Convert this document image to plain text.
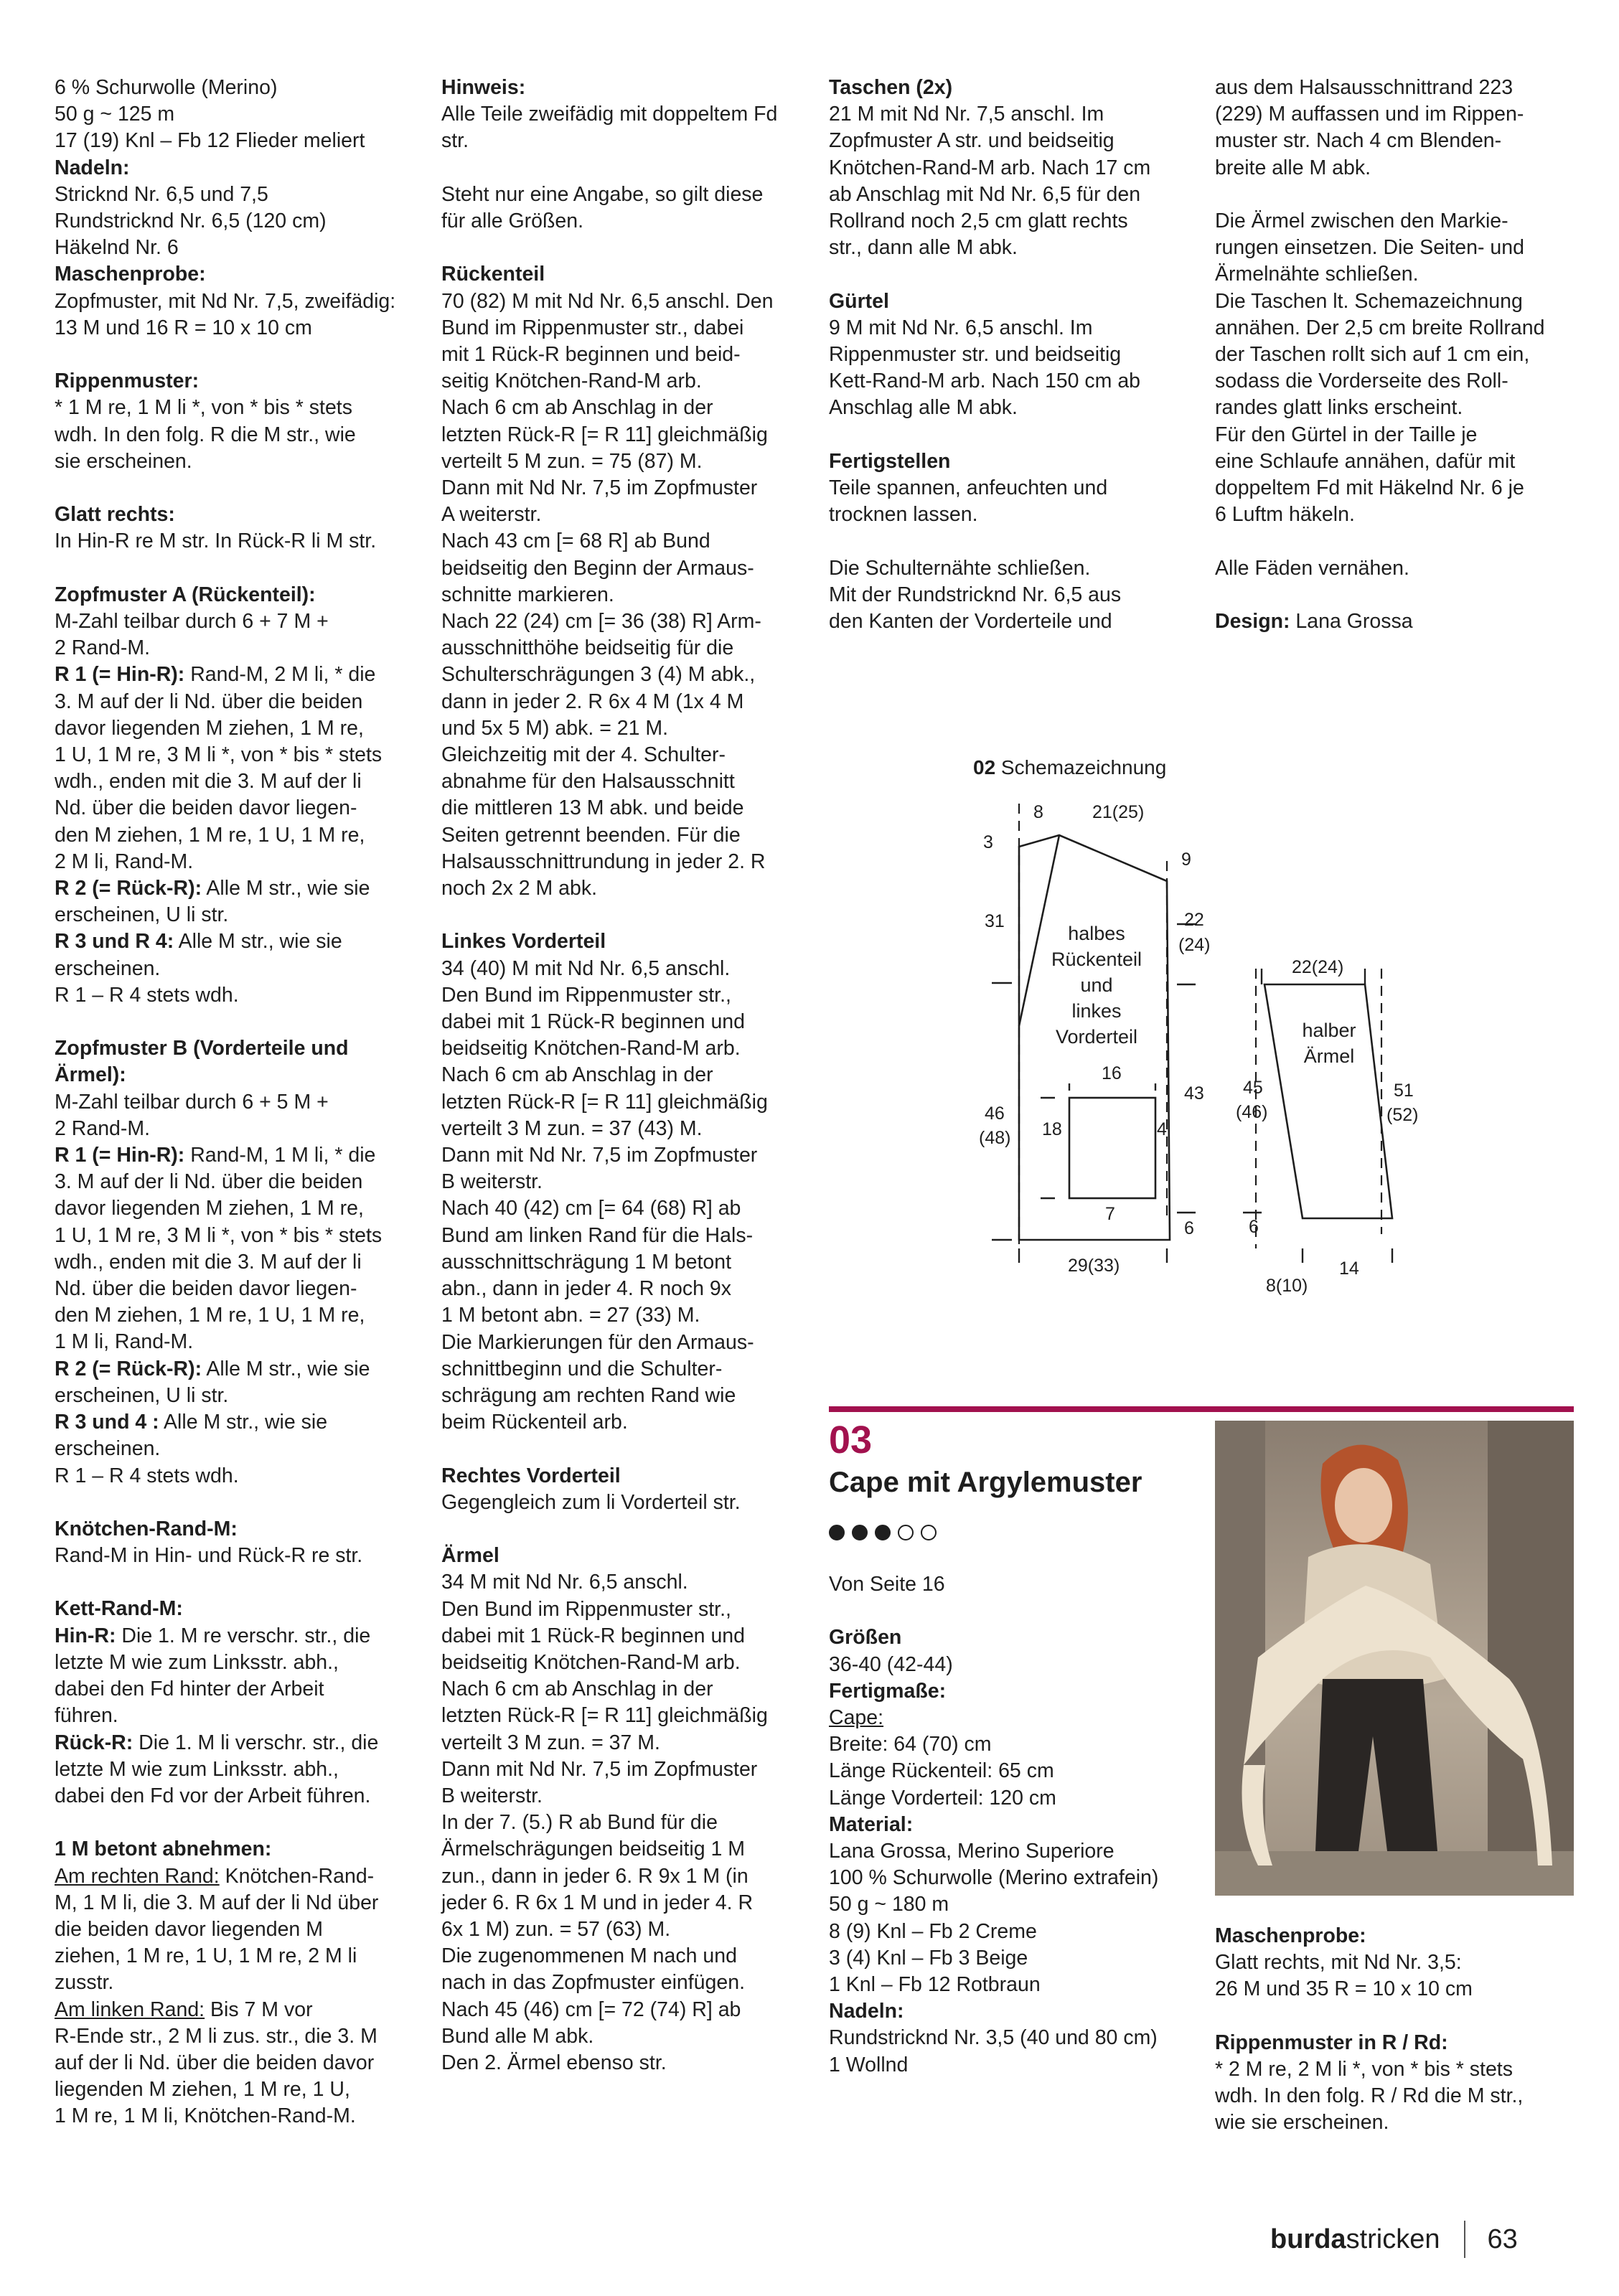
6 % Schurwolle (Merino)

50 g ~ 125 m

17 (19) Knl – Fb 12 Flieder meliert

Nadeln:

Stricknd Nr. 6,5 und 7,5

Rundstricknd Nr. 6,5 (120 cm)

Häkelnd Nr. 6

Maschenprobe:

Zopfmuster, mit Nd Nr. 7,5, zweifädig:

13 M und 16 R = 10 x 10 cm

Rippenmuster:

* 1 M re, 1 M li *, von * bis * stets

wdh. In den folg. R die M str., wie

sie erscheinen.

Glatt rechts:

In Hin-R re M str. In Rück-R li M str.

Zopfmuster A (Rückenteil):

M-Zahl teilbar durch 6 + 7 M +

2 Rand-M.

R 1 (= Hin-R): Rand-M, 2 M li, * die

3. M auf der li Nd. über die beiden

davor liegenden M ziehen, 1 M re,

1 U, 1 M re, 3 M li *, von * bis * stets

wdh., enden mit die 3. M auf der li

Nd. über die beiden davor liegen-

den M ziehen, 1 M re, 1 U, 1 M re,

2 M li, Rand-M.

R 2 (= Rück-R): Alle M str., wie sie

erscheinen, U li str.

R 3 und R 4: Alle M str., wie sie

erscheinen.

R 1 – R 4 stets wdh.

Zopfmuster B (Vorderteile und

Ärmel):

M-Zahl teilbar durch 6 + 5 M +

2 Rand-M.

R 1 (= Hin-R): Rand-M, 1 M li, * die

3. M auf der li Nd. über die beiden

davor liegenden M ziehen, 1 M re,

1 U, 1 M re, 3 M li *, von * bis * stets

wdh., enden mit die 3. M auf der li

Nd. über die beiden davor liegen-

den M ziehen, 1 M re, 1 U, 1 M re,

1 M li, Rand-M.

R 2 (= Rück-R): Alle M str., wie sie

erscheinen, U li str.

R 3 und 4 : Alle M str., wie sie

erscheinen.

R 1 – R 4 stets wdh.

Knötchen-Rand-M:

Rand-M in Hin- und Rück-R re str.

Kett-Rand-M:

Hin-R: Die 1. M re verschr. str., die

letzte M wie zum Linksstr. abh.,

dabei den Fd hinter der Arbeit

führen.

Rück-R: Die 1. M li verschr. str., die

letzte M wie zum Linksstr. abh.,

dabei den Fd vor der Arbeit führen.

1 M betont abnehmen:

Am rechten Rand: Knötchen-Rand-

M, 1 M li, die 3. M auf der li Nd über

die beiden davor liegenden M

ziehen, 1 M re, 1 U, 1 M re, 2 M li

zusstr.

Am linken Rand: Bis 7 M vor

R-Ende str., 2 M li zus. str., die 3. M

auf der li Nd. über die beiden davor

liegenden M ziehen, 1 M re, 1 U,

1 M re, 1 M li, Knötchen-Rand-M.

Hinweis:

Alle Teile zweifädig mit doppeltem Fd

str.

Steht nur eine Angabe, so gilt diese

für alle Größen.

Rückenteil

70 (82) M mit Nd Nr. 6,5 anschl. Den

Bund im Rippenmuster str., dabei

mit 1 Rück-R beginnen und beid-

seitig Knötchen-Rand-M arb.

Nach 6 cm ab Anschlag in der

letzten Rück-R [= R 11] gleichmäßig

verteilt 5 M zun. = 75 (87) M.

Dann mit Nd Nr. 7,5 im Zopfmuster

A weiterstr.

Nach 43 cm [= 68 R] ab Bund

beidseitig den Beginn der Armaus-

schnitte markieren.

Nach 22 (24) cm [= 36 (38) R] Arm-

ausschnitthöhe beidseitig für die

Schulterschrägungen 3 (4) M abk.,

dann in jeder 2. R 6x 4 M (1x 4 M

und 5x 5 M) abk. = 21 M.

Gleichzeitig mit der 4. Schulter-

abnahme für den Halsausschnitt

die mittleren 13 M abk. und beide

Seiten getrennt beenden. Für die

Halsausschnittrundung in jeder 2. R

noch 2x 2 M abk.

Linkes Vorderteil

34 (40) M mit Nd Nr. 6,5 anschl.

Den Bund im Rippenmuster str.,

dabei mit 1 Rück-R beginnen und

beidseitig Knötchen-Rand-M arb.

Nach 6 cm ab Anschlag in der

letzten Rück-R [= R 11] gleichmäßig

verteilt 3 M zun. = 37 (43) M.

Dann mit Nd Nr. 7,5 im Zopfmuster

B weiterstr.

Nach 40 (42) cm [= 64 (68) R] ab

Bund am linken Rand für die Hals-

ausschnittschrägung 1 M betont

abn., dann in jeder 4. R noch 9x

1 M betont abn. = 27 (33) M.

Die Markierungen für den Armaus-

schnittbeginn und die Schulter-

schrägung am rechten Rand wie

beim Rückenteil arb.

Rechtes Vorderteil

Gegengleich zum li Vorderteil str.

Ärmel

34 M mit Nd Nr. 6,5 anschl.

Den Bund im Rippenmuster str.,

dabei mit 1 Rück-R beginnen und

beidseitig Knötchen-Rand-M arb.

Nach 6 cm ab Anschlag in der

letzten Rück-R [= R 11] gleichmäßig

verteilt 3 M zun. = 37 M.

Dann mit Nd Nr. 7,5 im Zopfmuster

B weiterstr.

In der 7. (5.) R ab Bund für die

Ärmelschrägungen beidseitig 1 M

zun., dann in jeder 6. R 9x 1 M (in

jeder 6. R 6x 1 M und in jeder 4. R

6x 1 M) zun. = 57 (63) M.

Die zugenommenen M nach und

nach in das Zopfmuster einfügen.

Nach 45 (46) cm [= 72 (74) R] ab

Bund alle M abk.

Den 2. Ärmel ebenso str.

Taschen (2x)

21 M mit Nd Nr. 7,5 anschl. Im

Zopfmuster A str. und beidseitig

Knötchen-Rand-M arb. Nach 17 cm

ab Anschlag mit Nd Nr. 6,5 für den

Rollrand noch 2,5 cm glatt rechts

str., dann alle M abk.

Gürtel

9 M mit Nd Nr. 6,5 anschl. Im

Rippenmuster str. und beidseitig

Kett-Rand-M arb. Nach 150 cm ab

Anschlag alle M abk.

Fertigstellen

Teile spannen, anfeuchten und

trocknen lassen.

Die Schulternähte schließen.

Mit der Rundstricknd Nr. 6,5 aus

den Kanten der Vorderteile und

aus dem Halsausschnittrand 223

(229) M auffassen und im Rippen-

muster str. Nach 4 cm Blenden-

breite alle M abk.

Die Ärmel zwischen den Markie-

rungen einsetzen. Die Seiten- und

Ärmelnähte schließen.

Die Taschen lt. Schemazeichnung

annähen. Der 2,5 cm breite Rollrand

der Taschen rollt sich auf 1 cm ein,

sodass die Vorderseite des Roll-

randes glatt links erscheint.

Für den Gürtel in der Taille je

eine Schlaufe annähen, dafür mit

doppeltem Fd mit Häkelnd Nr. 6 je

6 Luftm häkeln.

Alle Fäden vernähen.

Design: Lana Grossa

02 Schemazeichnung
halbes
Rückenteil
und
linkes
Vorderteil	halber
Ärmel
8	21(25)
3
9
31	22
(24)
16
46
(48) 18	4
43
7
6
29(33)
22(24)
45
(46)
51
(52)
6
14
8(10)
03
Cape mit Argylemuster

Von Seite 16

Größen

36-40 (42-44)

Fertigmaße:

Cape:

Breite: 64 (70) cm

Länge Rückenteil: 65 cm

Länge Vorderteil: 120 cm

Material:

Lana Grossa, Merino Superiore

100 % Schurwolle (Merino extrafein)

50 g ~ 180 m

8 (9) Knl – Fb 2 Creme

3 (4) Knl – Fb 3 Beige

1 Knl – Fb 12 Rotbraun

Nadeln:

Rundstricknd Nr. 3,5 (40 und 80 cm)

1 Wollnd

Maschenprobe:

Glatt rechts, mit Nd Nr. 3,5:

26 M und 35 R = 10 x 10 cm

Rippenmuster in R / Rd:

* 2 M re, 2 M li *, von * bis * stets

wdh. In den folg. R / Rd die M str.,

wie sie erscheinen.

burdastricken 63
